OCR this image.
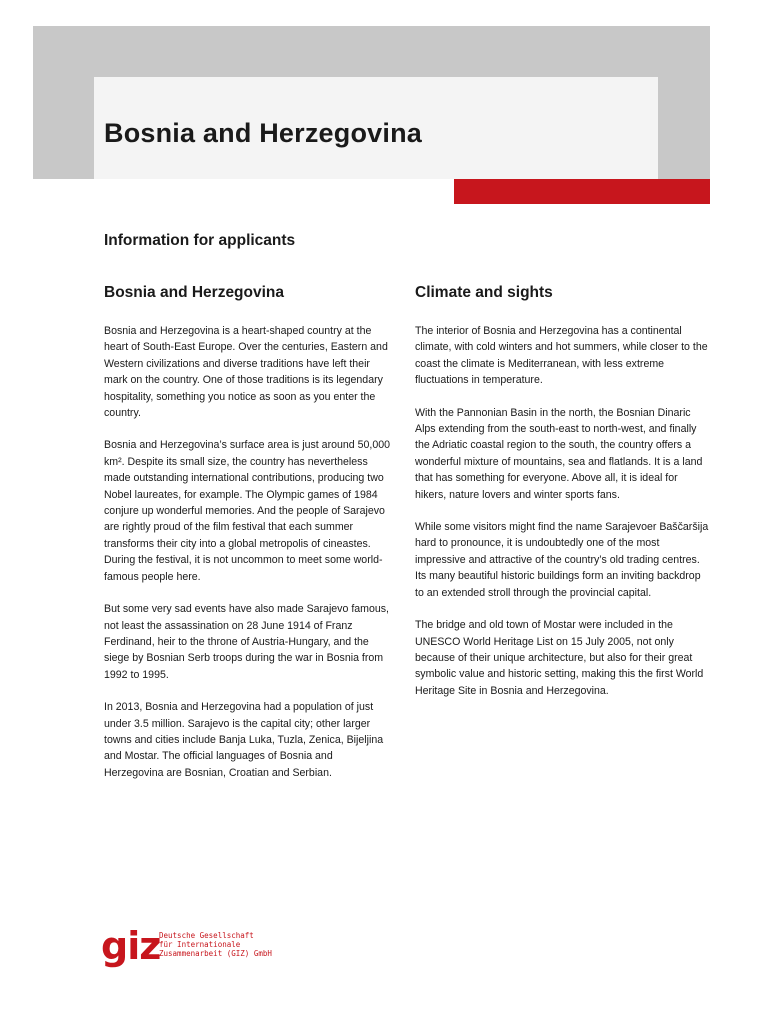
Bosnia and Herzegovina
Information for applicants
Bosnia and Herzegovina

Bosnia and Herzegovina is a heart-shaped country at the heart of South-East Europe. Over the centuries, Eastern and Western civilizations and diverse traditions have left their mark on the country. One of those traditions is its legendary hospitality, something you notice as soon as you enter the country.

Bosnia and Herzegovina’s surface area is just around 50,000 km². Despite its small size, the country has nevertheless made outstanding international contributions, producing two Nobel laureates, for example. The Olympic games of 1984 conjure up wonderful memories. And the people of Sarajevo are rightly proud of the film festival that each summer transforms their city into a global metropolis of cineastes. During the festival, it is not uncommon to meet some world-famous people here.

But some very sad events have also made Sarajevo famous, not least the assassination on 28 June 1914 of Franz Ferdinand, heir to the throne of Austria-Hungary, and the siege by Bosnian Serb troops during the war in Bosnia from 1992 to 1995.

In 2013, Bosnia and Herzegovina had a population of just under 3.5 million. Sarajevo is the capital city; other larger towns and cities include Banja Luka, Tuzla, Zenica, Bijeljina and Mostar. The official languages of Bosnia and Herzegovina are Bosnian, Croatian and Serbian.

Climate and sights

The interior of Bosnia and Herzegovina has a continental climate, with cold winters and hot summers, while closer to the coast the climate is Mediterranean, with less extreme fluctuations in temperature.

With the Pannonian Basin in the north, the Bosnian Dinaric Alps extending from the south-east to north-west, and finally the Adriatic coastal region to the south, the country offers a wonderful mixture of mountains, sea and flatlands. It is a land that has something for everyone. Above all, it is ideal for hikers, nature lovers and winter sports fans.

While some visitors might find the name Sarajevoer Baščaršija hard to pronounce, it is undoubtedly one of the most impressive and attractive of the country’s old trading centres. Its many beautiful historic buildings form an inviting backdrop to an extended stroll through the provincial capital.

The bridge and old town of Mostar were included in the UNESCO World Heritage List on 15 July 2005, not only because of their unique architecture, but also for their great symbolic value and historic setting, making this the first World Heritage Site in Bosnia and Herzegovina.

giz
Deutsche Gesellschaft
für Internationale
Zusammenarbeit (GIZ) GmbH
